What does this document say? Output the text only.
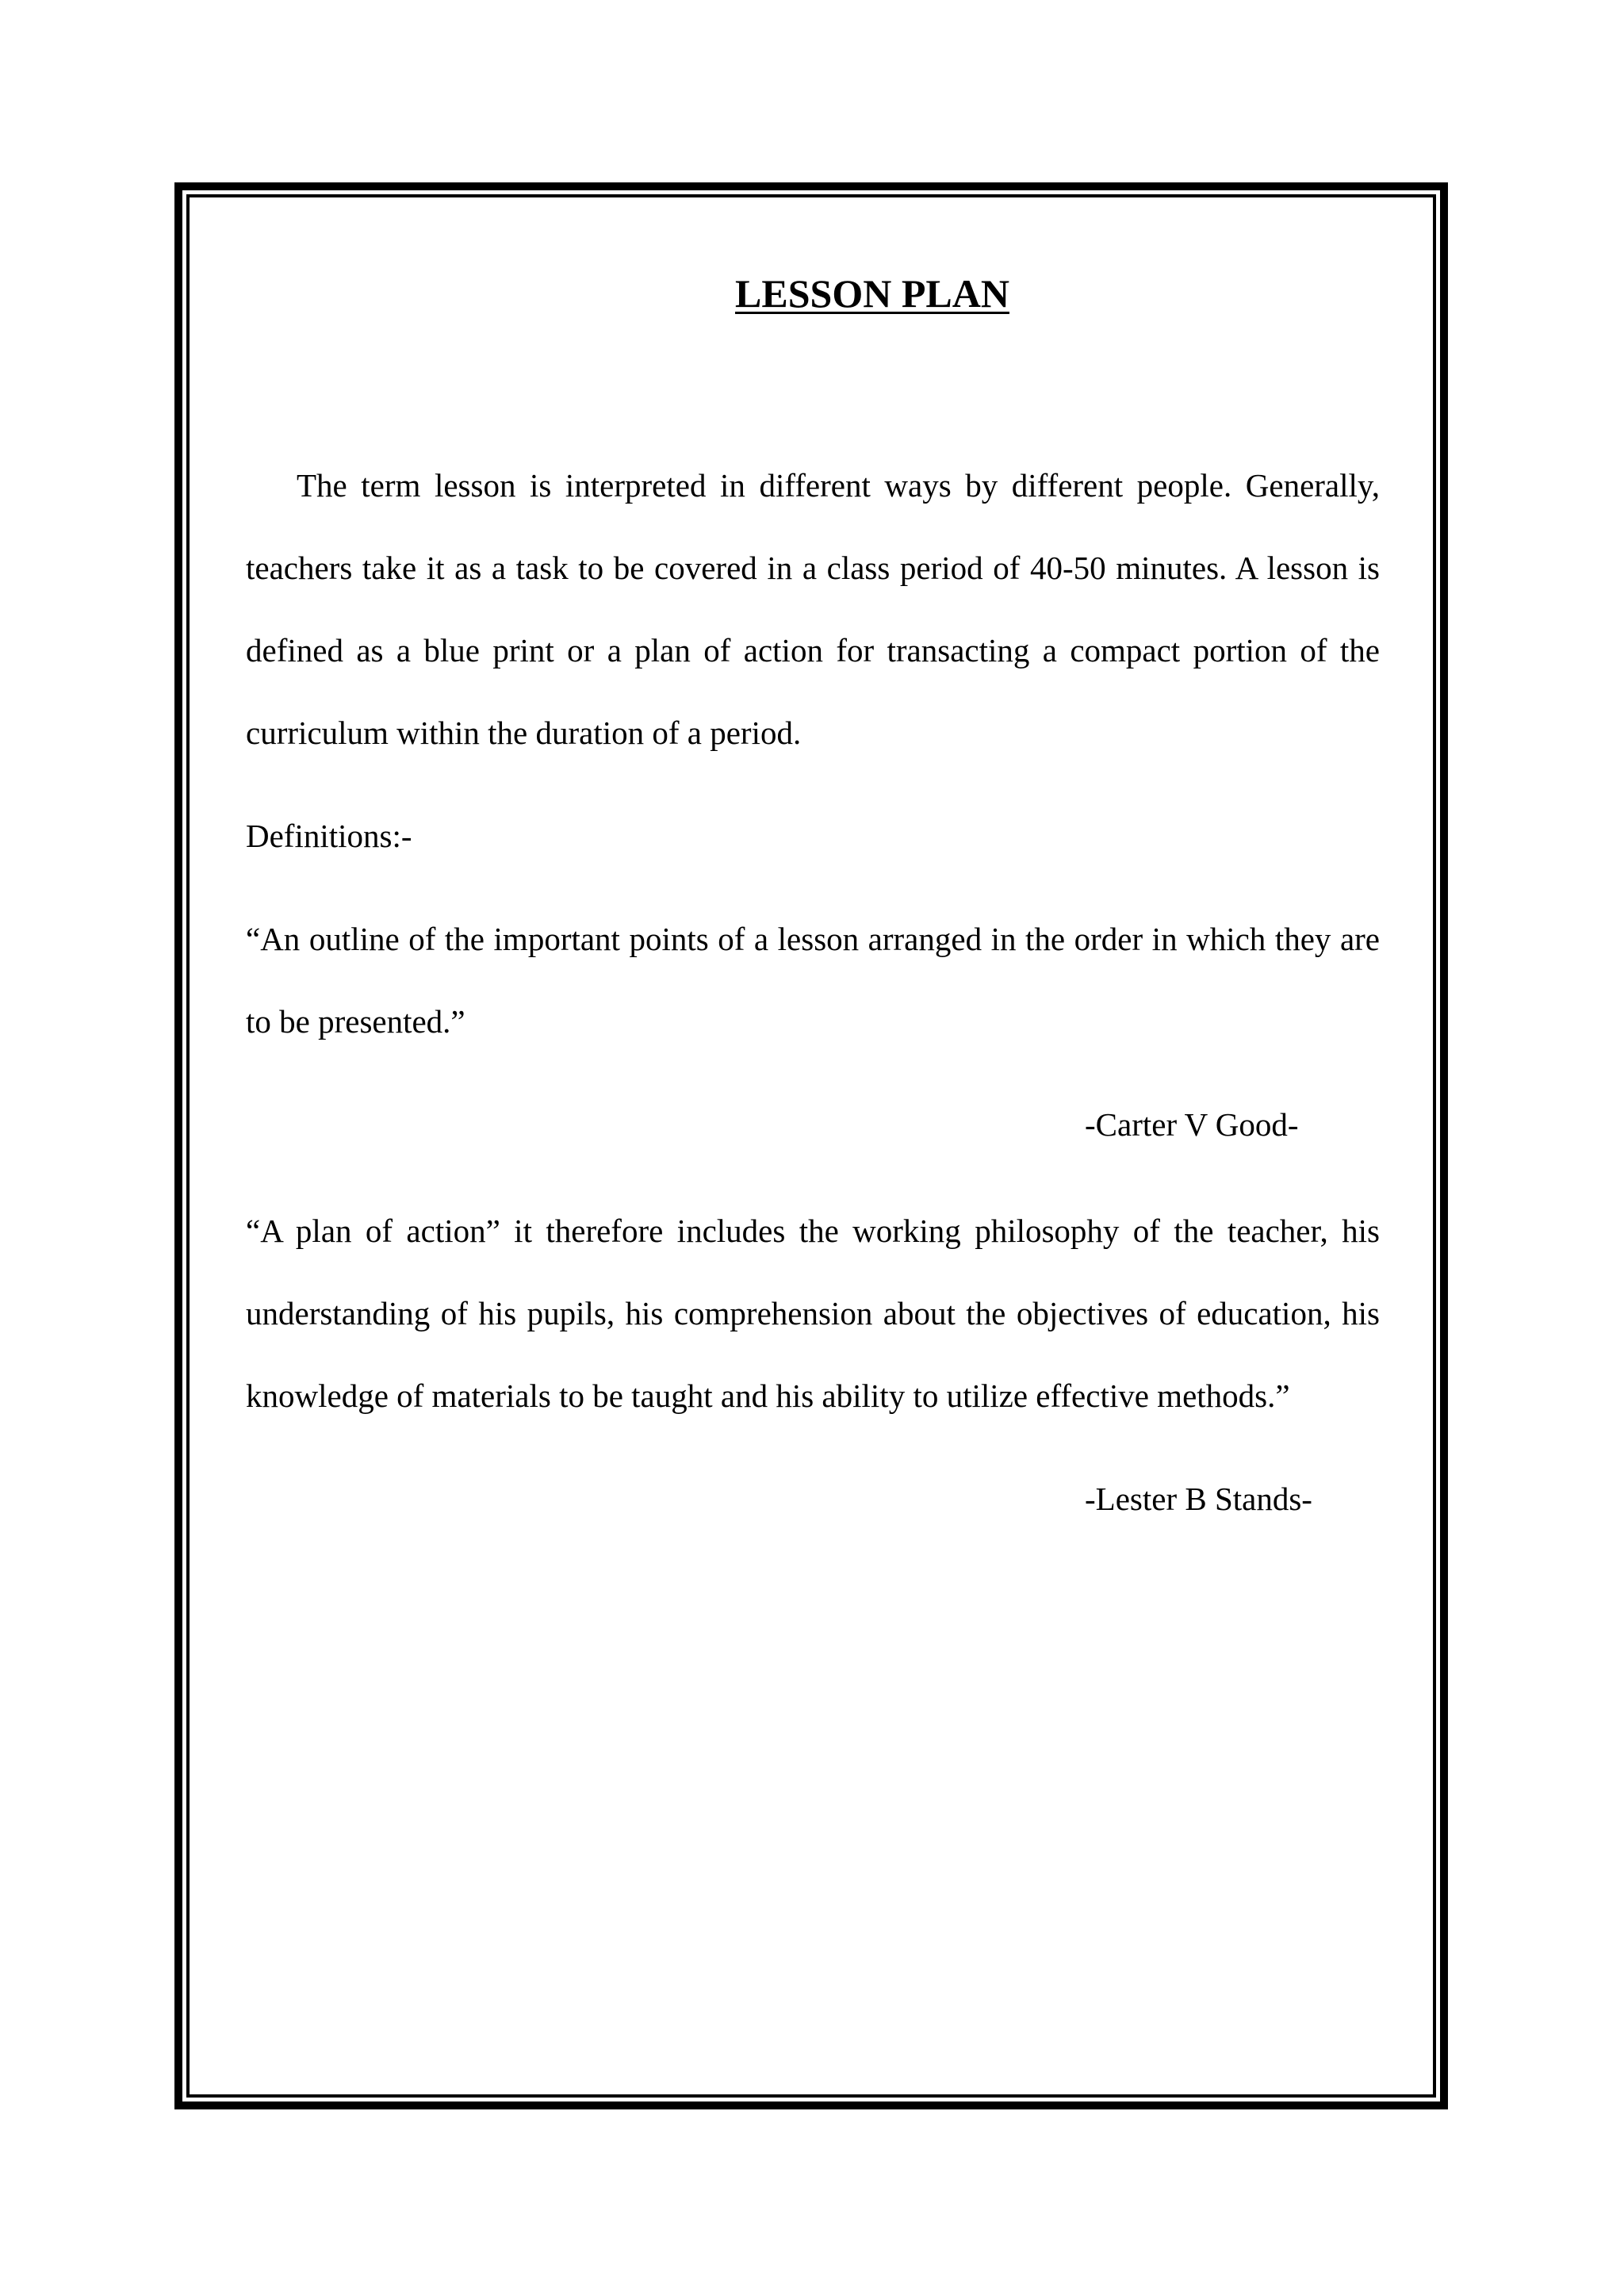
LESSON PLAN

The term lesson is interpreted in different ways by different people. Generally, teachers take it as a task to be covered in a class period of 40-50 minutes. A lesson is defined as a blue print or a plan of action for transacting a compact portion of the curriculum within the duration of a period.

Definitions:-

“An outline of the important points of a lesson arranged in the order in which they are to be presented.”

-Carter V Good-

“A plan of action” it therefore includes the working philosophy of the teacher, his understanding of his pupils, his comprehension about the objectives of education, his knowledge of materials to be taught and his ability to utilize effective methods.”

-Lester B Stands-
